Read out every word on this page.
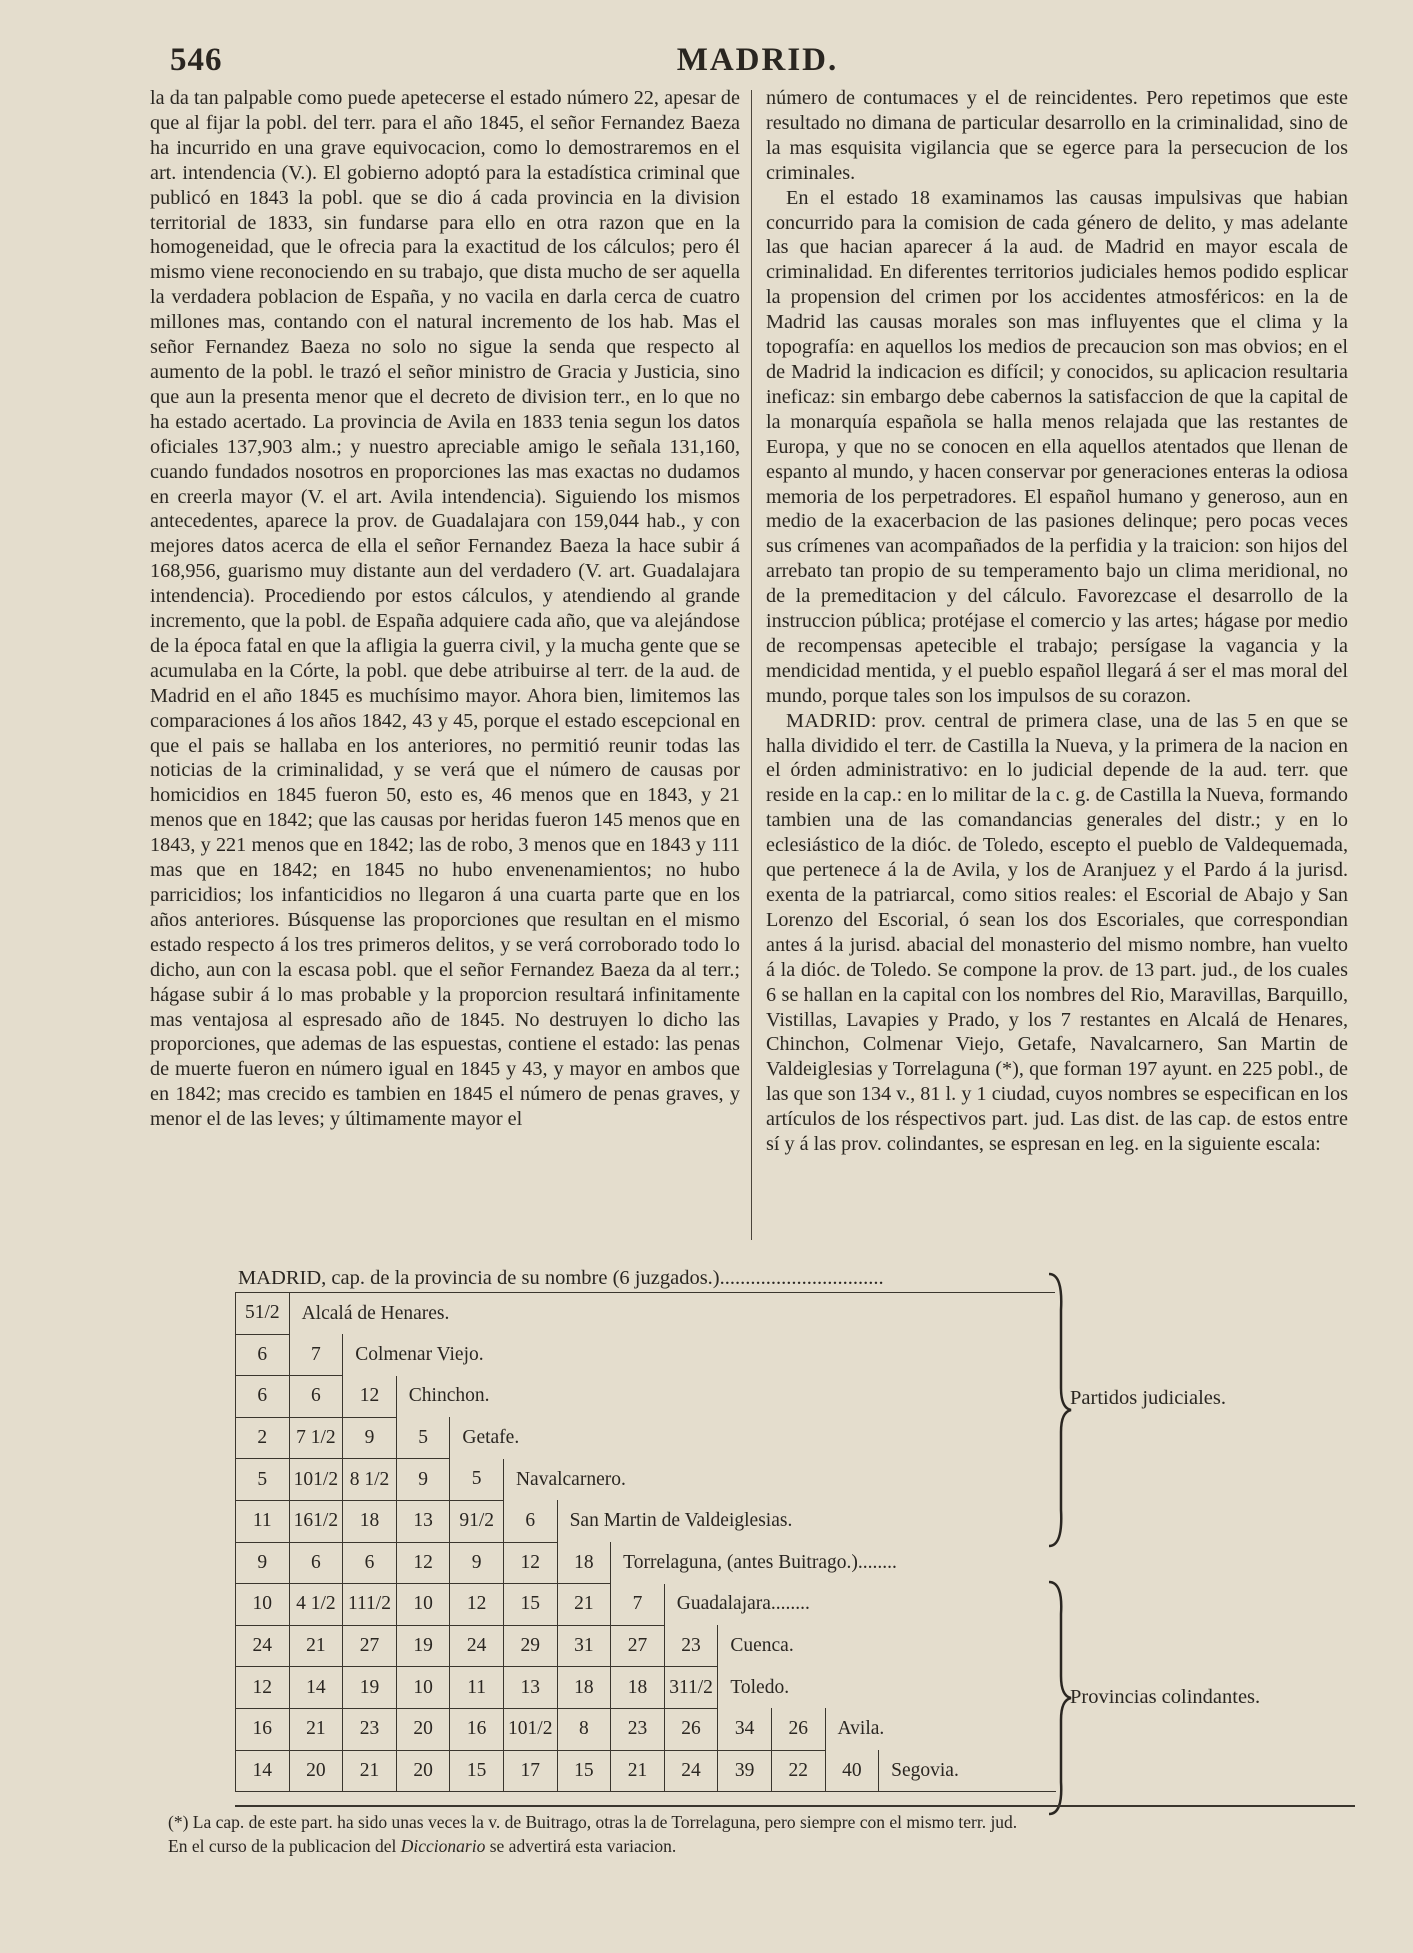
546	MADRID.

la da tan palpable como puede apetecerse el estado número 22, apesar de que al fijar la pobl. del terr. para el año 1845, el señor Fernandez Baeza ha incurrido en una grave equivocacion, como lo demostraremos en el art. intendencia (V.). El gobierno adoptó para la estadística criminal que publicó en 1843 la pobl. que se dio á cada provincia en la division territorial de 1833, sin fundarse para ello en otra razon que en la homogeneidad, que le ofrecia para la exactitud de los cálculos; pero él mismo viene reconociendo en su trabajo, que dista mucho de ser aquella la verdadera poblacion de España, y no vacila en darla cerca de cuatro millones mas, contando con el natural incremento de los hab. Mas el señor Fernandez Baeza no solo no sigue la senda que respecto al aumento de la pobl. le trazó el señor ministro de Gracia y Justicia, sino que aun la presenta menor que el decreto de division terr., en lo que no ha estado acertado. La provincia de Avila en 1833 tenia segun los datos oficiales 137,903 alm.; y nuestro apreciable amigo le señala 131,160, cuando fundados nosotros en proporciones las mas exactas no dudamos en creerla mayor (V. el art. Avila intendencia). Siguiendo los mismos antecedentes, aparece la prov. de Guadalajara con 159,044 hab., y con mejores datos acerca de ella el señor Fernandez Baeza la hace subir á 168,956, guarismo muy distante aun del verdadero (V. art. Guadalajara intendencia). Procediendo por estos cálculos, y atendiendo al grande incremento, que la pobl. de España adquiere cada año, que va alejándose de la época fatal en que la afligia la guerra civil, y la mucha gente que se acumulaba en la Córte, la pobl. que debe atribuirse al terr. de la aud. de Madrid en el año 1845 es muchísimo mayor. Ahora bien, limitemos las comparaciones á los años 1842, 43 y 45, porque el estado escepcional en que el pais se hallaba en los anteriores, no permitió reunir todas las noticias de la criminalidad, y se verá que el número de causas por homicidios en 1845 fueron 50, esto es, 46 menos que en 1843, y 21 menos que en 1842; que las causas por heridas fueron 145 menos que en 1843, y 221 menos que en 1842; las de robo, 3 menos que en 1843 y 111 mas que en 1842; en 1845 no hubo envenenamientos; no hubo parricidios; los infanticidios no llegaron á una cuarta parte que en los años anteriores. Búsquense las proporciones que resultan en el mismo estado respecto á los tres primeros delitos, y se verá corroborado todo lo dicho, aun con la escasa pobl. que el señor Fernandez Baeza da al terr.; hágase subir á lo mas probable y la proporcion resultará infinitamente mas ventajosa al espresado año de 1845. No destruyen lo dicho las proporciones, que ademas de las espuestas, contiene el estado: las penas de muerte fueron en número igual en 1845 y 43, y mayor en ambos que en 1842; mas crecido es tambien en 1845 el número de penas graves, y menor el de las leves; y últimamente mayor el

número de contumaces y el de reincidentes. Pero repetimos que este resultado no dimana de particular desarrollo en la criminalidad, sino de la mas esquisita vigilancia que se egerce para la persecucion de los criminales.

En el estado 18 examinamos las causas impulsivas que habian concurrido para la comision de cada género de delito, y mas adelante las que hacian aparecer á la aud. de Madrid en mayor escala de criminalidad. En diferentes territorios judiciales hemos podido esplicar la propension del crimen por los accidentes atmosféricos: en la de Madrid las causas morales son mas influyentes que el clima y la topografía: en aquellos los medios de precaucion son mas obvios; en el de Madrid la indicacion es difícil; y conocidos, su aplicacion resultaria ineficaz: sin embargo debe cabernos la satisfaccion de que la capital de la monarquía española se halla menos relajada que las restantes de Europa, y que no se conocen en ella aquellos atentados que llenan de espanto al mundo, y hacen conservar por generaciones enteras la odiosa memoria de los perpetradores. El español humano y generoso, aun en medio de la exacerbacion de las pasiones delinque; pero pocas veces sus crímenes van acompañados de la perfidia y la traicion: son hijos del arrebato tan propio de su temperamento bajo un clima meridional, no de la premeditacion y del cálculo. Favorezcase el desarrollo de la instruccion pública; protéjase el comercio y las artes; hágase por medio de recompensas apetecible el trabajo; persígase la vagancia y la mendicidad mentida, y el pueblo español llegará á ser el mas moral del mundo, porque tales son los impulsos de su corazon.

MADRID: prov. central de primera clase, una de las 5 en que se halla dividido el terr. de Castilla la Nueva, y la primera de la nacion en el órden administrativo: en lo judicial depende de la aud. terr. que reside en la cap.: en lo militar de la c. g. de Castilla la Nueva, formando tambien una de las comandancias generales del distr.; y en lo eclesiástico de la dióc. de Toledo, escepto el pueblo de Valdequemada, que pertenece á la de Avila, y los de Aranjuez y el Pardo á la jurisd. exenta de la patriarcal, como sitios reales: el Escorial de Abajo y San Lorenzo del Escorial, ó sean los dos Escoriales, que correspondian antes á la jurisd. abacial del monasterio del mismo nombre, han vuelto á la dióc. de Toledo. Se compone la prov. de 13 part. jud., de los cuales 6 se hallan en la capital con los nombres del Rio, Maravillas, Barquillo, Vistillas, Lavapies y Prado, y los 7 restantes en Alcalá de Henares, Chinchon, Colmenar Viejo, Getafe, Navalcarnero, San Martin de Valdeiglesias y Torrelaguna (*), que forman 197 ayunt. en 225 pobl., de las que son 134 v., 81 l. y 1 ciudad, cuyos nombres se especifican en los artículos de los réspectivos part. jud. Las dist. de las cap. de estos entre sí y á las prov. colindantes, se espresan en leg. en la siguiente escala:

MADRID, cap. de la provincia de su nombre (6 juzgados.)................................
51/2	Alcalá de Henares.											
6	7	Colmenar Viejo.										
6	6	12	Chinchon.									
2	7 1/2	9	5	Getafe.								
5	101/2	8 1/2	9	5	Navalcarnero.							
11	161/2	18	13	91/2	6	San Martin de Valdeiglesias.						
9	6	6	12	9	12	18	Torrelaguna, (antes Buitrago.)........					
10	4 1/2	111/2	10	12	15	21	7	Guadalajara........				
24	21	27	19	24	29	31	27	23	Cuenca.			
12	14	19	10	11	13	18	18	311/2	Toledo.			
16	21	23	20	16	101/2	8	23	26	34	26	Avila.	
14	20	21	20	15	17	15	21	24	39	22	40	Segovia.
Partidos judiciales.
Provincias colindantes.

(*) La cap. de este part. ha sido unas veces la v. de Buitrago, otras la de Torrelaguna, pero siempre con el mismo terr. jud.

En el curso de la publicacion del Diccionario se advertirá esta variacion.
